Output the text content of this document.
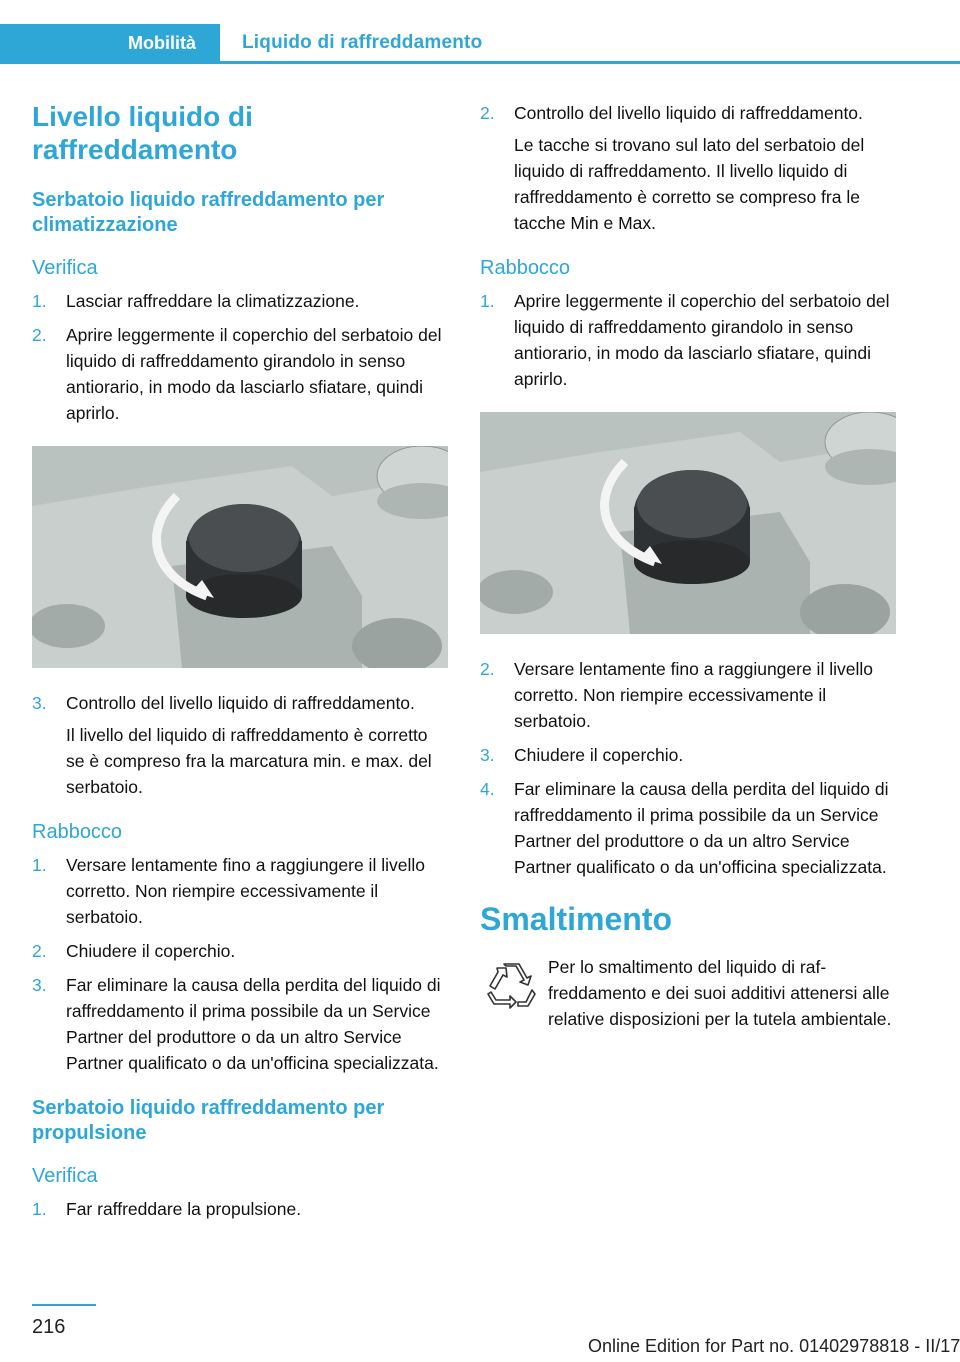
Mobilità	Liquido di raffreddamento
Livello liquido di raffreddamento
Serbatoio liquido raffreddamento per climatizzazione
Verifica
1. Lasciar raffreddare la climatizzazione.
2. Aprire leggermente il coperchio del serbatoio del liquido di raffreddamento girandolo in senso antiorario, in modo da lasciarlo sfiatare, quindi aprirlo.
3. Controllo del livello liquido di raffreddamento.

Il livello del liquido di raffreddamento è corretto se è compreso fra la marcatura min. e max. del serbatoio.

Rabbocco
1. Versare lentamente fino a raggiungere il livello corretto. Non riempire eccessivamente il serbatoio.
2. Chiudere il coperchio.
3. Far eliminare la causa della perdita del liquido di raffreddamento il prima possibile da un Service Partner del produttore o da un altro Service Partner qualificato o da un'officina specializzata.
Serbatoio liquido raffreddamento per propulsione
Verifica
1. Far raffreddare la propulsione.
2. Controllo del livello liquido di raffreddamento.

Le tacche si trovano sul lato del serbatoio del liquido di raffreddamento. Il livello liquido di raffreddamento è corretto se compreso fra le tacche Min e Max.

Rabbocco
1. Aprire leggermente il coperchio del serbatoio del liquido di raffreddamento girandolo in senso antiorario, in modo da lasciarlo sfiatare, quindi aprirlo.
2. Versare lentamente fino a raggiungere il livello corretto. Non riempire eccessivamente il serbatoio.
3. Chiudere il coperchio.
4. Far eliminare la causa della perdita del liquido di raffreddamento il prima possibile da un Service Partner del produttore o da un altro Service Partner qualificato o da un'officina specializzata.
Smaltimento
Per lo smaltimento del liquido di raffreddamento e dei suoi additivi attenersi alle relative disposizioni per la tutela ambientale.
216
Online Edition for Part no. 01402978818 - II/17
